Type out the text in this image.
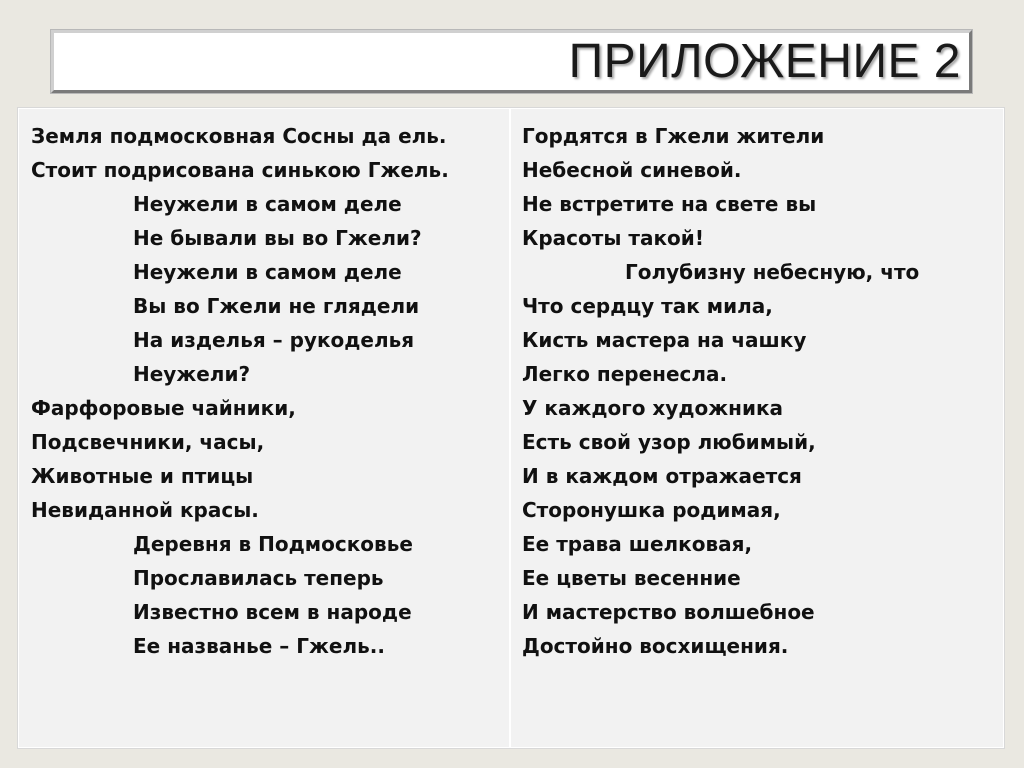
ПРИЛОЖЕНИЕ 2
Земля подмосковная Сосны да ель.
Стоит подрисована синькою Гжель.
Неужели в самом деле
Не бывали вы во Гжели?
Неужели в самом деле
Вы во Гжели не глядели
На изделья – рукоделья
Неужели?
Фарфоровые чайники,
Подсвечники, часы,
Животные и птицы
Невиданной красы.
Деревня в Подмосковье
Прославилась теперь
Известно всем в народе
Ее названье – Гжель..
Гордятся в Гжели жители
Небесной синевой.
Не встретите на свете вы
Красоты такой!
Голубизну небесную, что
Что сердцу так мила,
Кисть мастера на чашку
Легко перенесла.
У каждого художника
Есть свой узор любимый,
И в каждом отражается
Сторонушка родимая,
Ее трава шелковая,
Ее цветы весенние
И мастерство волшебное
Достойно восхищения.
